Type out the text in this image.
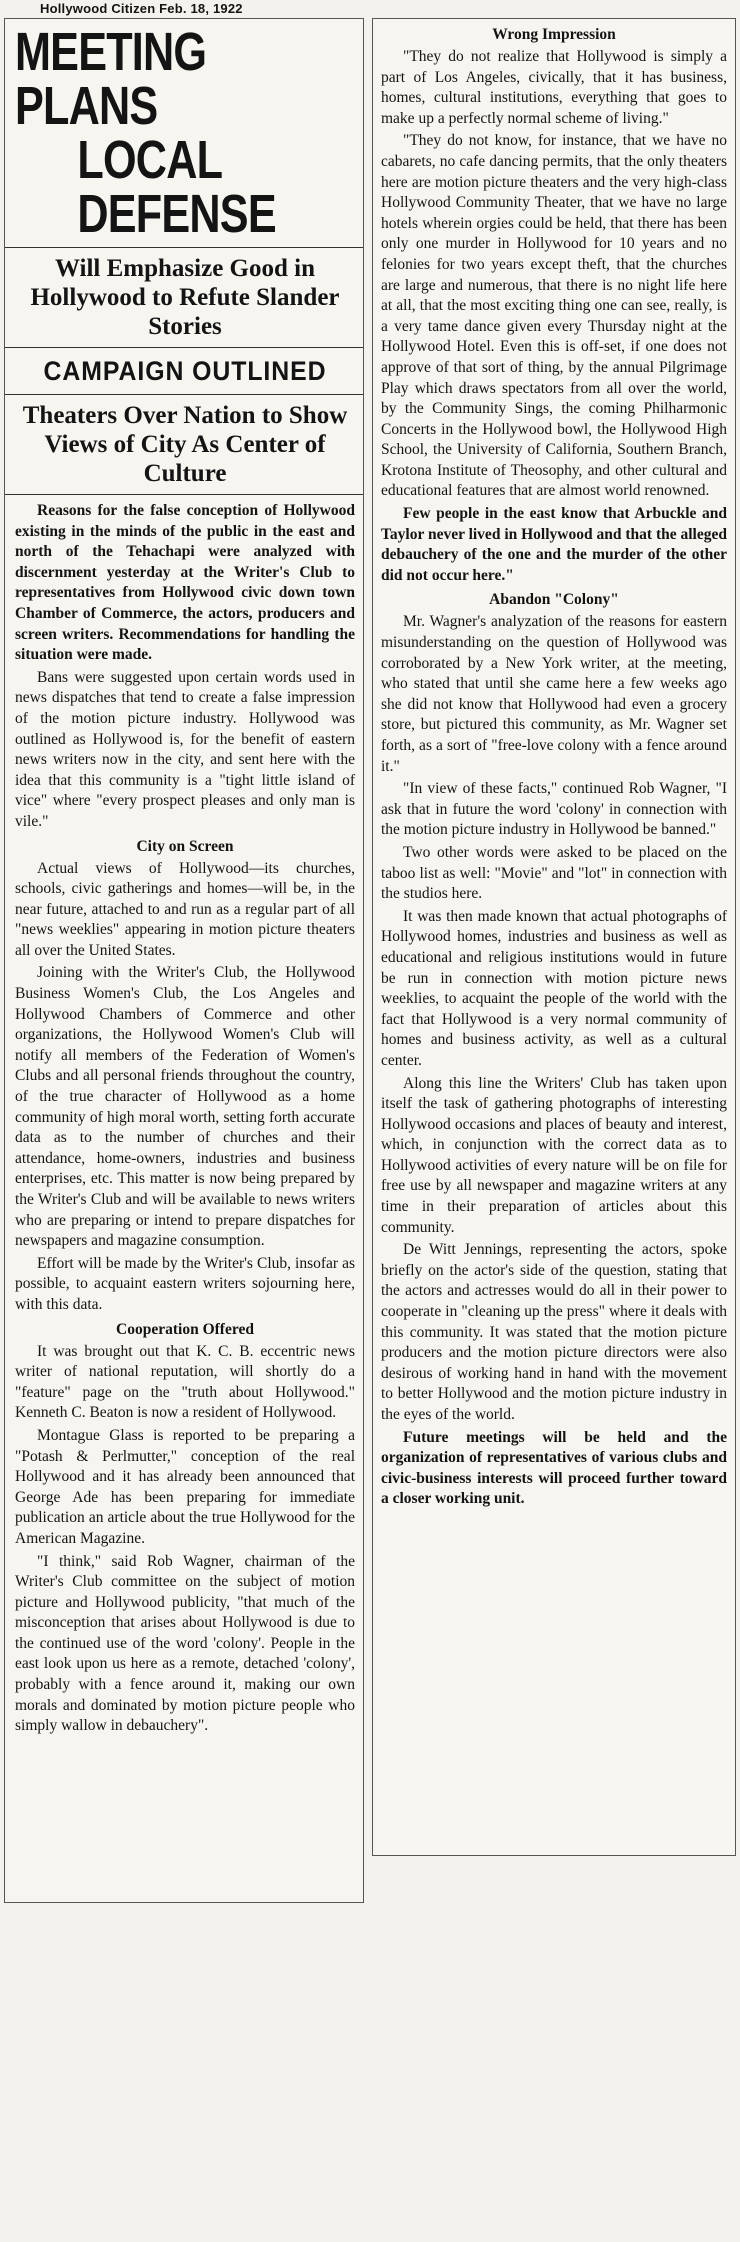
Hollywood Citizen Feb. 18, 1922
MEETING PLANS
LOCAL DEFENSE
Will Emphasize Good in Hollywood to Refute Slander Stories
CAMPAIGN OUTLINED
Theaters Over Nation to Show Views of City As Center of Culture

Reasons for the false conception of Hollywood existing in the minds of the public in the east and north of the Tehachapi were analyzed with discernment yesterday at the Writer's Club to representatives from Hollywood civic down town Chamber of Commerce, the actors, producers and screen writers. Recommendations for handling the situation were made.

Bans were suggested upon certain words used in news dispatches that tend to create a false impression of the motion picture industry. Hollywood was outlined as Hollywood is, for the benefit of eastern news writers now in the city, and sent here with the idea that this community is a "tight little island of vice" where "every prospect pleases and only man is vile."

City on Screen

Actual views of Hollywood—its churches, schools, civic gatherings and homes—will be, in the near future, attached to and run as a regular part of all "news weeklies" appearing in motion picture theaters all over the United States.

Joining with the Writer's Club, the Hollywood Business Women's Club, the Los Angeles and Hollywood Chambers of Commerce and other organizations, the Hollywood Women's Club will notify all members of the Federation of Women's Clubs and all personal friends throughout the country, of the true character of Hollywood as a home community of high moral worth, setting forth accurate data as to the number of churches and their attendance, home-owners, industries and business enterprises, etc. This matter is now being prepared by the Writer's Club and will be available to news writers who are preparing or intend to prepare dispatches for newspapers and magazine consumption.

Effort will be made by the Writer's Club, insofar as possible, to acquaint eastern writers sojourning here, with this data.

Cooperation Offered

It was brought out that K. C. B. eccentric news writer of national reputation, will shortly do a "feature" page on the "truth about Hollywood." Kenneth C. Beaton is now a resident of Hollywood.

Montague Glass is reported to be preparing a "Potash & Perlmutter," conception of the real Hollywood and it has already been announced that George Ade has been preparing for immediate publication an article about the true Hollywood for the American Magazine.

"I think," said Rob Wagner, chairman of the Writer's Club committee on the subject of motion picture and Hollywood publicity, "that much of the misconception that arises about Hollywood is due to the continued use of the word 'colony'. People in the east look upon us here as a remote, detached 'colony', probably with a fence around it, making our own morals and dominated by motion picture people who simply wallow in debauchery".

Wrong Impression

"They do not realize that Hollywood is simply a part of Los Angeles, civically, that it has business, homes, cultural institutions, everything that goes to make up a perfectly normal scheme of living."

"They do not know, for instance, that we have no cabarets, no cafe dancing permits, that the only theaters here are motion picture theaters and the very high-class Hollywood Community Theater, that we have no large hotels wherein orgies could be held, that there has been only one murder in Hollywood for 10 years and no felonies for two years except theft, that the churches are large and numerous, that there is no night life here at all, that the most exciting thing one can see, really, is a very tame dance given every Thursday night at the Hollywood Hotel. Even this is off-set, if one does not approve of that sort of thing, by the annual Pilgrimage Play which draws spectators from all over the world, by the Community Sings, the coming Philharmonic Concerts in the Hollywood bowl, the Hollywood High School, the University of California, Southern Branch, Krotona Institute of Theosophy, and other cultural and educational features that are almost world renowned.

Few people in the east know that Arbuckle and Taylor never lived in Hollywood and that the alleged debauchery of the one and the murder of the other did not occur here."

Abandon "Colony"

Mr. Wagner's analyzation of the reasons for eastern misunderstanding on the question of Hollywood was corroborated by a New York writer, at the meeting, who stated that until she came here a few weeks ago she did not know that Hollywood had even a grocery store, but pictured this community, as Mr. Wagner set forth, as a sort of "free-love colony with a fence around it."

"In view of these facts," continued Rob Wagner, "I ask that in future the word 'colony' in connection with the motion picture industry in Hollywood be banned."

Two other words were asked to be placed on the taboo list as well: "Movie" and "lot" in connection with the studios here.

It was then made known that actual photographs of Hollywood homes, industries and business as well as educational and religious institutions would in future be run in connection with motion picture news weeklies, to acquaint the people of the world with the fact that Hollywood is a very normal community of homes and business activity, as well as a cultural center.

Along this line the Writers' Club has taken upon itself the task of gathering photographs of interesting Hollywood occasions and places of beauty and interest, which, in conjunction with the correct data as to Hollywood activities of every nature will be on file for free use by all newspaper and magazine writers at any time in their preparation of articles about this community.

De Witt Jennings, representing the actors, spoke briefly on the actor's side of the question, stating that the actors and actresses would do all in their power to cooperate in "cleaning up the press" where it deals with this community. It was stated that the motion picture producers and the motion picture directors were also desirous of working hand in hand with the movement to better Hollywood and the motion picture industry in the eyes of the world.

Future meetings will be held and the organization of representatives of various clubs and civic-business interests will proceed further toward a closer working unit.
